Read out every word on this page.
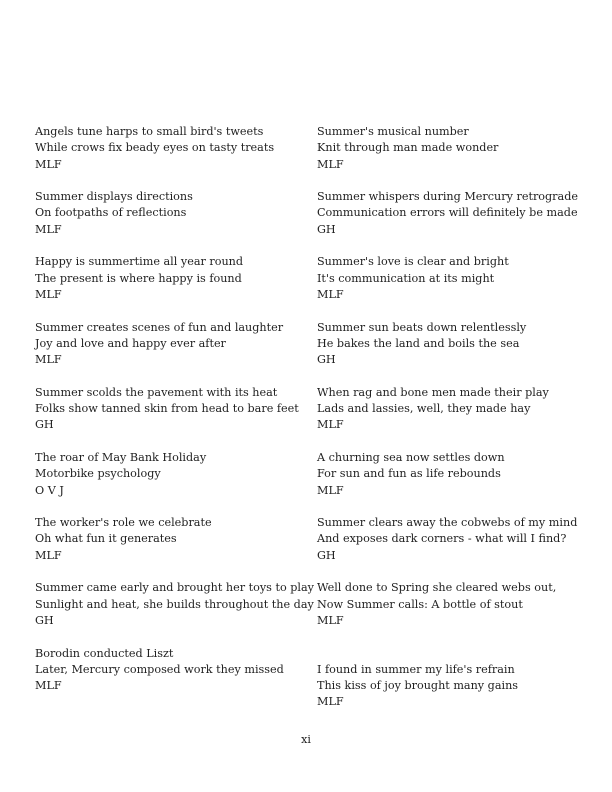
Angels tune harps to small bird's tweets
While crows fix beady eyes on tasty treats
MLF
Summer displays directions
On footpaths of reflections
MLF
Happy is summertime all year round
The present is where happy is found
MLF
Summer creates scenes of fun and laughter
Joy and love and happy ever after
MLF
Summer scolds the pavement with its heat
Folks show tanned skin from head to bare feet
GH
The roar of May Bank Holiday
Motorbike psychology
O V J
The worker's role we celebrate
Oh what fun it generates
MLF
Summer came early and brought her toys to play
Sunlight and heat, she builds throughout the day
GH
Borodin conducted Liszt
Later, Mercury composed work they missed
MLF
Summer's musical number
Knit through man made wonder
MLF
Summer whispers during Mercury retrograde
Communication errors will definitely be made
GH
Summer's love is clear and bright
It's communication at its might
MLF
Summer sun beats down relentlessly
He bakes the land and boils the sea
GH
When rag and bone men made their play
Lads and lassies, well, they made hay
MLF
A churning sea now settles down
For sun and fun as life rebounds
MLF
Summer clears away the cobwebs of my mind
And exposes dark corners - what will I find?
GH
Well done to Spring she cleared webs out,
Now Summer calls: A bottle of stout
MLF
I found in summer my life's refrain
This kiss of joy brought many gains
MLF
xi
